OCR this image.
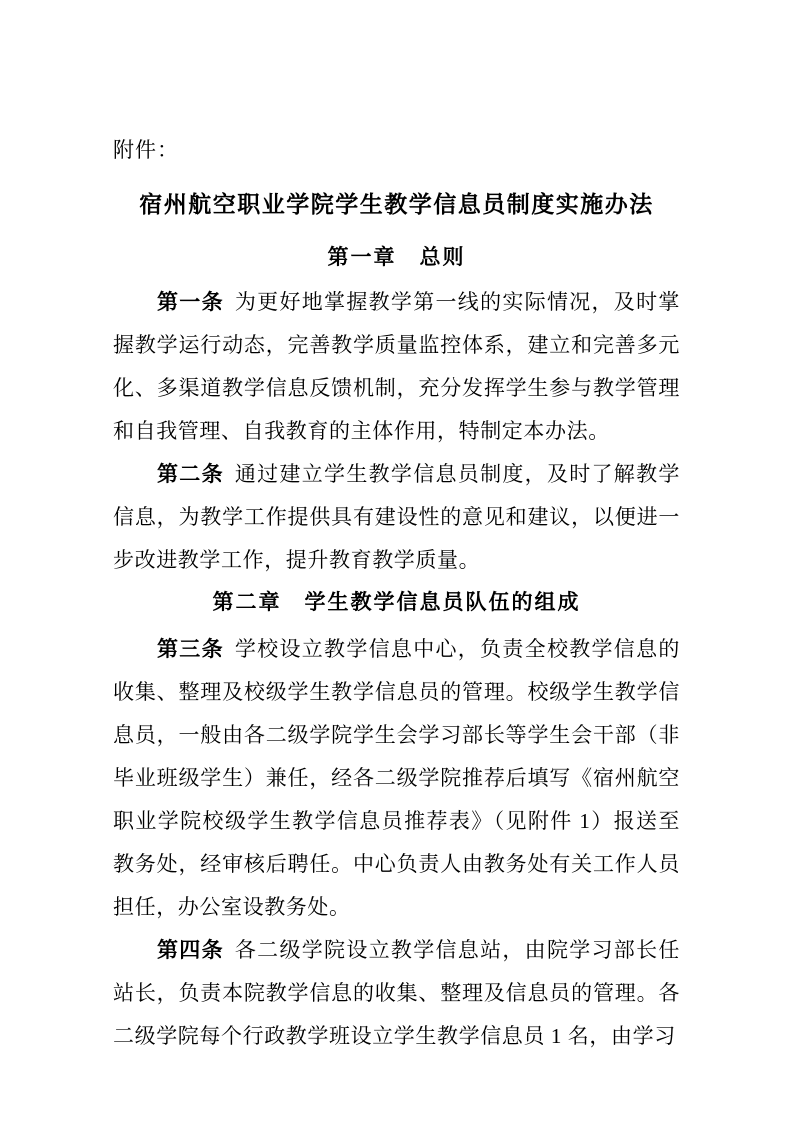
附件：
宿州航空职业学院学生教学信息员制度实施办法
第一章　总则

第一条 为更好地掌握教学第一线的实际情况，及时掌握教学运行动态，完善教学质量监控体系，建立和完善多元化、多渠道教学信息反馈机制，充分发挥学生参与教学管理和自我管理、自我教育的主体作用，特制定本办法。

第二条 通过建立学生教学信息员制度，及时了解教学信息，为教学工作提供具有建设性的意见和建议，以便进一步改进教学工作，提升教育教学质量。

第二章　学生教学信息员队伍的组成

第三条 学校设立教学信息中心，负责全校教学信息的收集、整理及校级学生教学信息员的管理。校级学生教学信息员，一般由各二级学院学生会学习部长等学生会干部（非毕业班级学生）兼任，经各二级学院推荐后填写《宿州航空职业学院校级学生教学信息员推荐表》（见附件 1）报送至教务处，经审核后聘任。中心负责人由教务处有关工作人员担任，办公室设教务处。

第四条 各二级学院设立教学信息站，由院学习部长任站长，负责本院教学信息的收集、整理及信息员的管理。各二级学院每个行政教学班设立学生教学信息员 1 名，由学习
